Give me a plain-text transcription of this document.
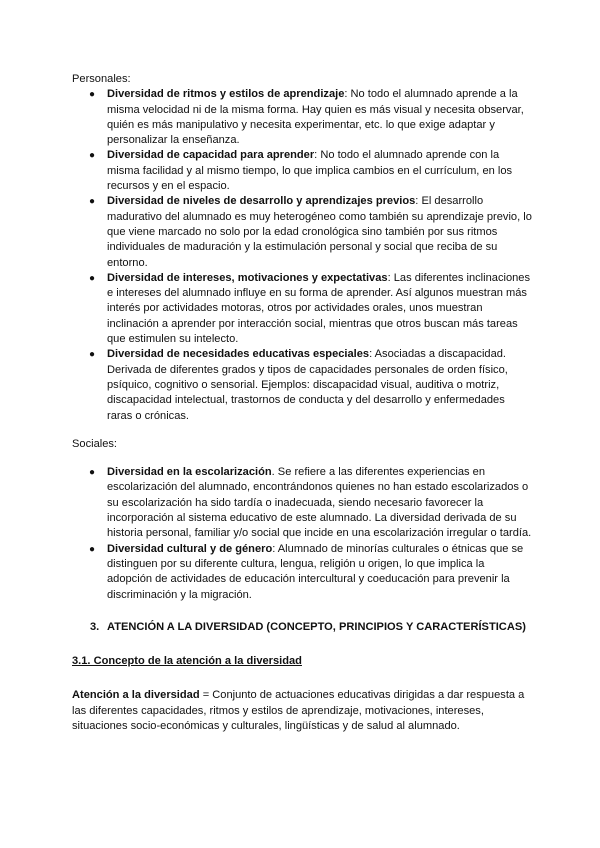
Personales:

● Diversidad de ritmos y estilos de aprendizaje: No todo el alumnado aprende a la misma velocidad ni de la misma forma. Hay quien es más visual y necesita observar, quién es más manipulativo y necesita experimentar, etc. lo que exige adaptar y personalizar la enseñanza.
● Diversidad de capacidad para aprender: No todo el alumnado aprende con la misma facilidad y al mismo tiempo, lo que implica cambios en el currículum, en los recursos y en el espacio.
● Diversidad de niveles de desarrollo y aprendizajes previos: El desarrollo madurativo del alumnado es muy heterogéneo como también su aprendizaje previo, lo que viene marcado no solo por la edad cronológica sino también por sus ritmos individuales de maduración y la estimulación personal y social que reciba de su entorno.
● Diversidad de intereses, motivaciones y expectativas: Las diferentes inclinaciones e intereses del alumnado influye en su forma de aprender. Así algunos muestran más interés por actividades motoras, otros por actividades orales, unos muestran inclinación a aprender por interacción social, mientras que otros buscan más tareas que estimulen su intelecto.
● Diversidad de necesidades educativas especiales: Asociadas a discapacidad. Derivada de diferentes grados y tipos de capacidades personales de orden físico, psíquico, cognitivo o sensorial. Ejemplos: discapacidad visual, auditiva o motriz, discapacidad intelectual, trastornos de conducta y del desarrollo y enfermedades raras o crónicas.

Sociales:

● Diversidad en la escolarización. Se refiere a las diferentes experiencias en escolarización del alumnado, encontrándonos quienes no han estado escolarizados o su escolarización ha sido tardía o inadecuada, siendo necesario favorecer la incorporación al sistema educativo de este alumnado. La diversidad derivada de su historia personal, familiar y/o social que incide en una escolarización irregular o tardía.
● Diversidad cultural y de género: Alumnado de minorías culturales o étnicas que se distinguen por su diferente cultura, lengua, religión u origen, lo que implica la adopción de actividades de educación intercultural y coeducación para prevenir la discriminación y la migración.

3. ATENCIÓN A LA DIVERSIDAD (CONCEPTO, PRINCIPIOS Y CARACTERÍSTICAS)

3.1. Concepto de la atención a la diversidad

Atención a la diversidad = Conjunto de actuaciones educativas dirigidas a dar respuesta a las diferentes capacidades, ritmos y estilos de aprendizaje, motivaciones, intereses, situaciones socio-económicas y culturales, lingüísticas y de salud al alumnado.
